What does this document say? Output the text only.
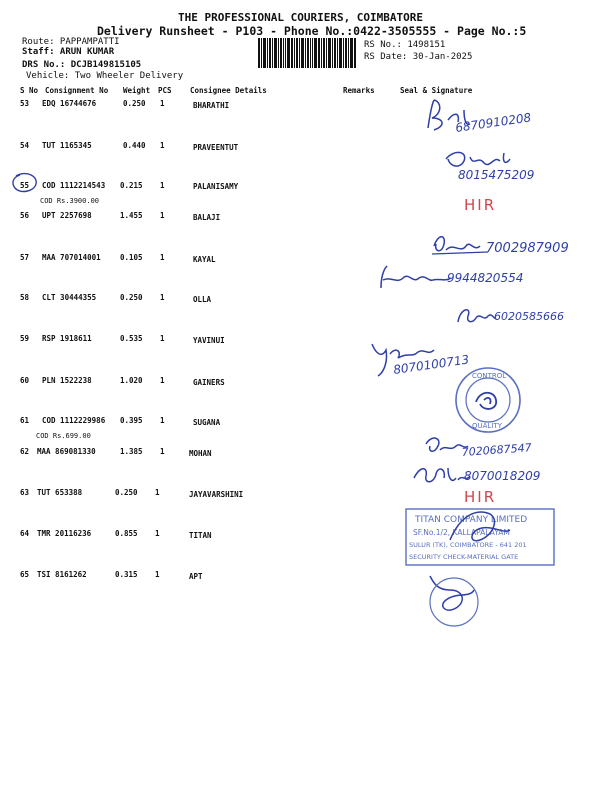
THE PROFESSIONAL COURIERS, COIMBATORE
Delivery Runsheet - P103 - Phone No.:0422-3505555 - Page No.:5
Route: PAPPAMPATTI
Staff: ARUN KUMAR
DRS No.: DCJB149815105
Vehicle: Two Wheeler Delivery
RS No.: 1498151
RS Date: 30-Jan-2025
S No Consignment No Weight PCS Consignee Details	Remarks	Seal & Signature
53 EDQ 16744676	0.250 1	BHARATHI
54 TUT 1165345	0.440 1	PRAVEENTUT
55 COD 1112214543 0.215 1	PALANISAMY
COD Rs.3900.00
56 UPT 2257698	1.455 1	BALAJI
57 MAA 707014001	0.105 1	KAYAL
58 CLT 30444355	0.250 1	OLLA
59 RSP 1918611	0.535 1	YAVINUI
60 PLN 1522238	1.020 1	GAINERS
61 COD 1112229986 0.395 1	SUGANA
COD Rs.699.00
62 MAA 869081330	1.385 1	MOHAN
63 TUT 653388	0.250 1	JAYAVARSHINI
64 TMR 20116236	0.855 1	TITAN
65 TSI 8161262	0.315 1	APT
6870910208
8015475209
HIR
7002987909
9944820554
6020585666
8070100713 CONTROL
QUALITY
7020687547
8070018209
HIR
TITAN COMPANY LIMITED
SF.No.1/2, KALLAPALAYAM
SULUR (TK), COIMBATORE - 641 201
SECURITY CHECK-MATERIAL GATE
